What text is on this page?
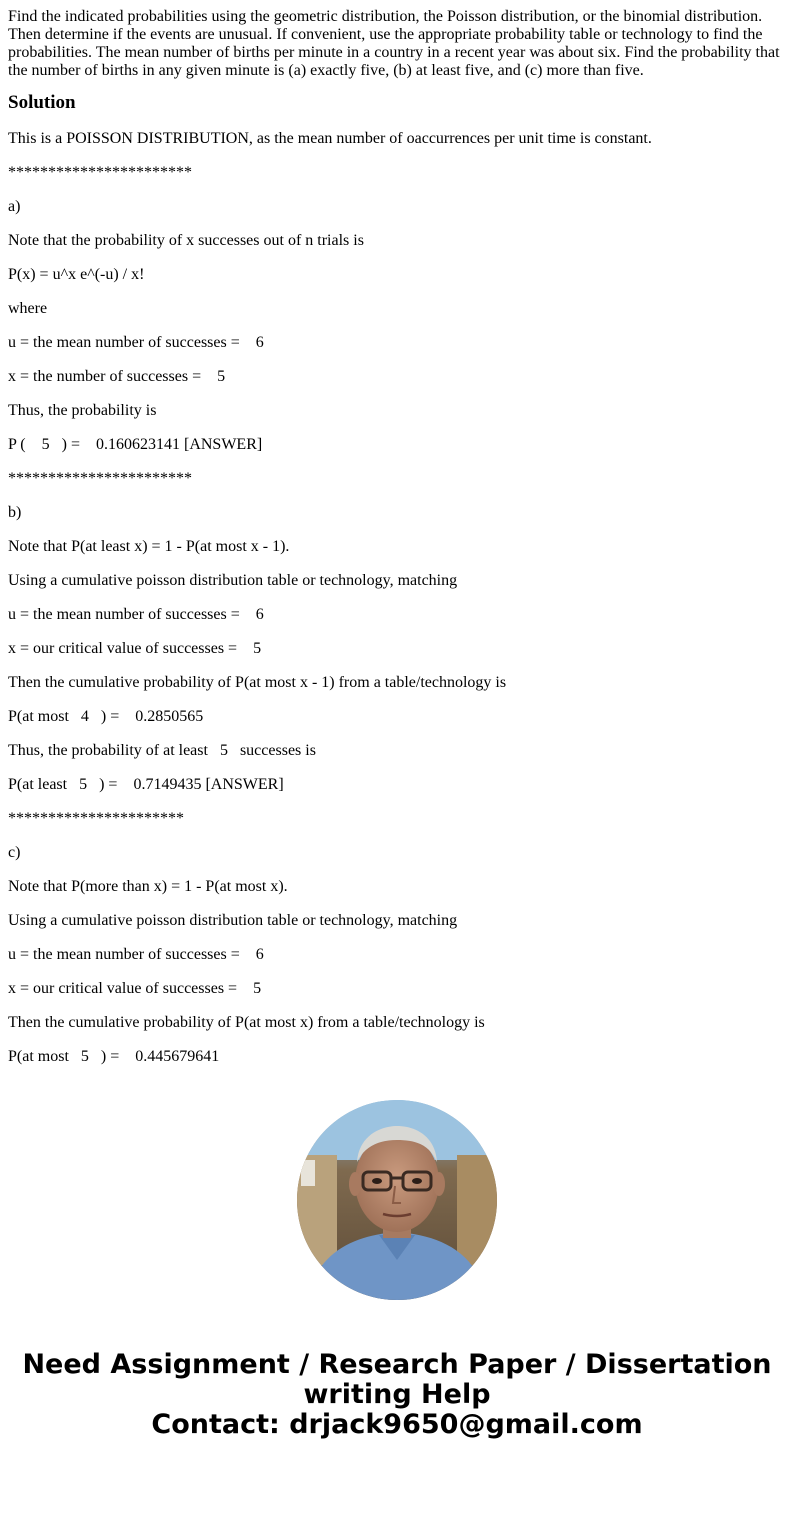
Find the indicated probabilities using the geometric distribution, the Poisson distribution, or the binomial distribution. Then determine if the events are unusual. If convenient, use the appropriate probability table or technology to find the probabilities. The mean number of births per minute in a country in a recent year was about six. Find the probability that the number of births in any given minute is (a) exactly five, (b) at least five, and (c) more than five.
Solution
This is a POISSON DISTRIBUTION, as the mean number of oaccurrences per unit time is constant.
***********************
a)
Note that the probability of x successes out of n trials is
P(x) = u^x e^(-u) / x!
where
u = the mean number of successes =    6
x = the number of successes =    5
Thus, the probability is
P (    5   ) =    0.160623141 [ANSWER]
***********************
b)
Note that P(at least x) = 1 - P(at most x - 1).
Using a cumulative poisson distribution table or technology, matching
u = the mean number of successes =    6
x = our critical value of successes =    5
Then the cumulative probability of P(at most x - 1) from a table/technology is
P(at most   4   ) =    0.2850565
Thus, the probability of at least   5   successes is
P(at least   5   ) =    0.7149435 [ANSWER]
**********************
c)
Note that P(more than x) = 1 - P(at most x).
Using a cumulative poisson distribution table or technology, matching
u = the mean number of successes =    6
x = our critical value of successes =    5
Then the cumulative probability of P(at most x) from a table/technology is
P(at most   5   ) =    0.445679641
Need Assignment / Research Paper / Dissertation
writing Help
Contact: drjack9650@gmail.com
